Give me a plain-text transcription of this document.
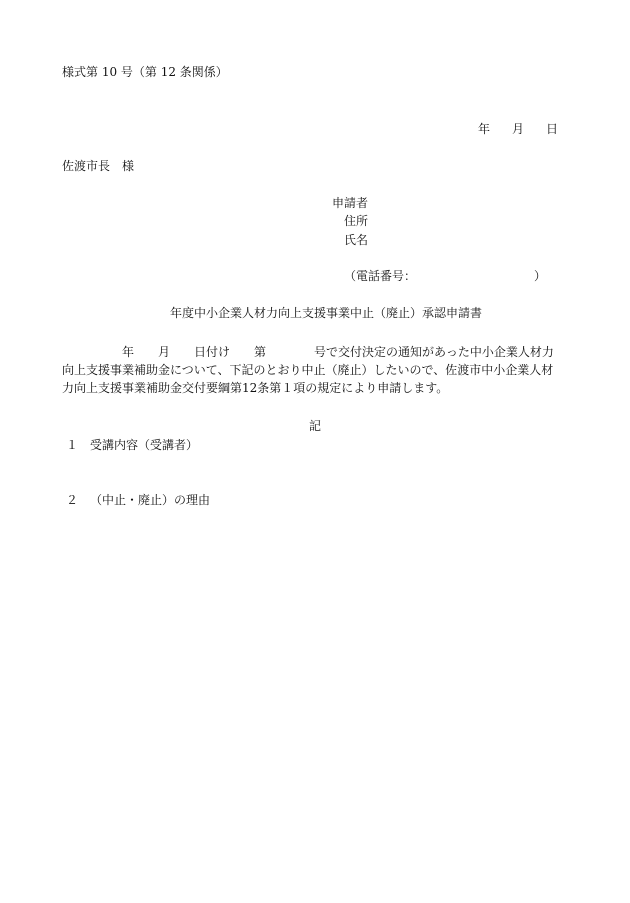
様式第 10 号（第 12 条関係）
年 月 日
佐渡市長　様
申請者
住所
氏名
（電話番号：	）
年度中小企業人材力向上支援事業中止（廃止）承認申請書
　　　　　年　　月　　日付け　　第　　　　号で交付決定の通知があった中小企業人材力
向上支援事業補助金について、下記のとおり中止（廃止）したいので、佐渡市中小企業人材
力向上支援事業補助金交付要綱第12条第１項の規定により申請します。
記
１ 受講内容（受講者）
２ （中止・廃止）の理由
